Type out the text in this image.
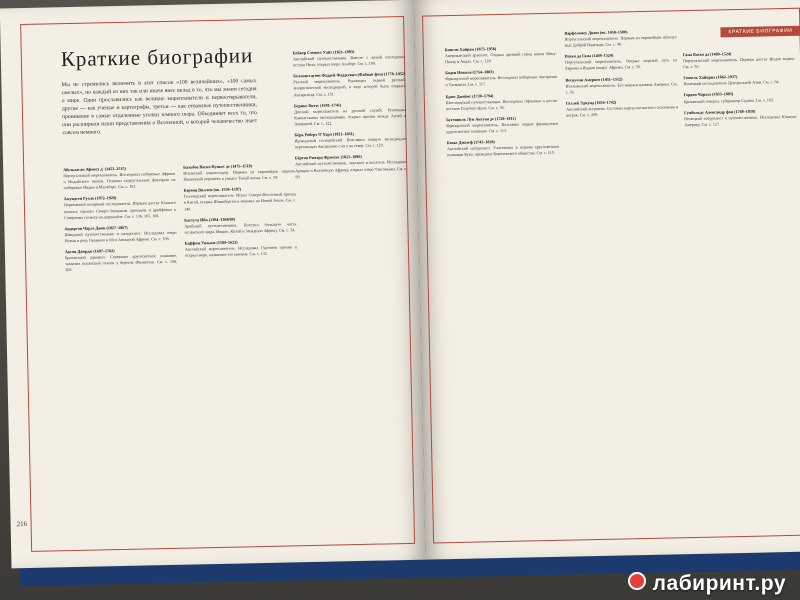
Краткие биографии
Мы не стремились включить в этот список «100 величайших», «100 самых смелых», но каждый из них так или иначе внес вклад в то, что мы знаем сегодня о мире. Одни прославились как великие мореплаватели и первооткрыватели, другие — как ученые и картографы, третьи — как отважные путешественники, проникшие в самые отдаленные уголки земного шара. Объединяет всех то, что они расширили наши представления о Вселенной, о которой человечество знает совсем немного.
Абульхасан Афонсу д' (1453–1515)
Португальский мореплаватель. Исследовал побережье Африки и Индийского океана. Основал португальские фактории на побережье Индии и Малабаре. См. с. 181.
Амундсен Руаль (1872–1928)
Норвежский полярный исследователь. Первым достиг Южного полюса, прошел Северо-Западным проходом и дрейфовал к Северному полюсу на дирижабле. См. с. 136, 165, 168.
Андерсон Чарлз Джон (1827–1867)
Шведский путешественник и натуралист. Исследовал озеро Нгами и реку Окаванго в Юго-Западной Африке. См. с. 108.
Аксон Джордж (1697–1762)
Британский адмирал. Совершил кругосветное плавание, захватил испанский галеон у берегов Филиппин. См. с. 198, 208.
Бальбоа Васко Нуньес де (1475–1519)
Испанский конкистадор. Первым из европейцев пересек Панамский перешеек и увидел Тихий океан. См. с. 59.
Баренц Виллем (ок. 1550–1597)
Голландский мореплаватель. Искал Северо-Восточный проход в Китай, открыл Шпицберген и зимовал на Новой Земле. См. с. 140.
Баттута Ибн (1304–1368/69)
Арабский путешественник. Посетил большую часть исламского мира, Индию, Китай и Западную Африку. См. с. 34.
Баффин Уильям (1584–1622)
Английский мореплаватель. Исследовал Гудзонов пролив и открыл море, названное его именем. См. с. 135.
Бейкер Сэмюэл Уайт (1821–1893)
Английский путешественник. Вместе с женой исследовал истоки Нила, открыл озеро Альберт. См. с. 100.
Беллинсгаузен Фаддей Фаддеевич (Фабиан фон) (1778–1852)
Русский мореплаватель. Руководил первой русской антарктической экспедицией, в ходе которой была открыта Антарктида. См. с. 151.
Беринг Витус (1681–1741)
Датский мореплаватель на русской службе. Руководил Камчатскими экспедициями, открыл пролив между Азией и Америкой. См. с. 122.
Бёрк Роберт О'Хара (1821–1861)
Ирландский полицейский. Возглавил первую экспедицию, пересекшую Австралию с юга на север. См. с. 120.
Бёртон Ричард Фрэнсис (1821–1890)
Английский путешественник, лингвист и писатель. Исследовал Аравию и Восточную Африку, открыл озеро Танганьика. См. с. 99.
216
КРАТКИЕ БИОГРАФИИ
Бингэм Хайрам (1875–1956)
Американский археолог. Открыл древний город инков Мачу-Пикчу в Андах. См. с. 128.
Боден Николя (1754–1803)
Французский мореплаватель. Исследовал побережье Австралии и Тасмании. См. с. 117.
Брюс Джеймс (1730–1794)
Шотландский путешественник. Исследовал Эфиопию и достиг истоков Голубого Нила. См. с. 95.
Бугенвиль Луи Антуан де (1729–1811)
Французский мореплаватель. Возглавил первое французское кругосветное плавание. См. с. 113.
Бэнкс Джозеф (1743–1820)
Английский натуралист. Участвовал в первом кругосветном плавании Кука, президент Королевского общества. См. с. 115.
Варфоломеу Диаш (ок. 1450–1500)
Португальский мореплаватель. Первым из европейцев обогнул мыс Доброй Надежды. См. с. 48.
Васко да Гама (1469–1524)
Португальский мореплаватель. Открыл морской путь из Европы в Индию вокруг Африки. См. с. 50.
Веспуччи Америго (1451–1512)
Итальянский мореплаватель. Его именем названа Америка. См. с. 56.
Галлей Эдмунд (1656–1742)
Английский астроном. Составил карты магнитного склонения и ветров. См. с. 209.
Гама Васко да (1469–1524)
Португальский мореплаватель. Первым достиг Индии морем. См. с. 50.
Гензель Хайнрих (1862–1937)
Немецкий исследователь Центральной Азии. См. с. 84.
Гордон Чарльз (1833–1885)
Британский генерал, губернатор Судана. См. с. 102.
Гумбольдт Александр фон (1769–1859)
Немецкий натуралист и путешественник. Исследовал Южную Америку. См. с. 127.
лабиринт.ру
